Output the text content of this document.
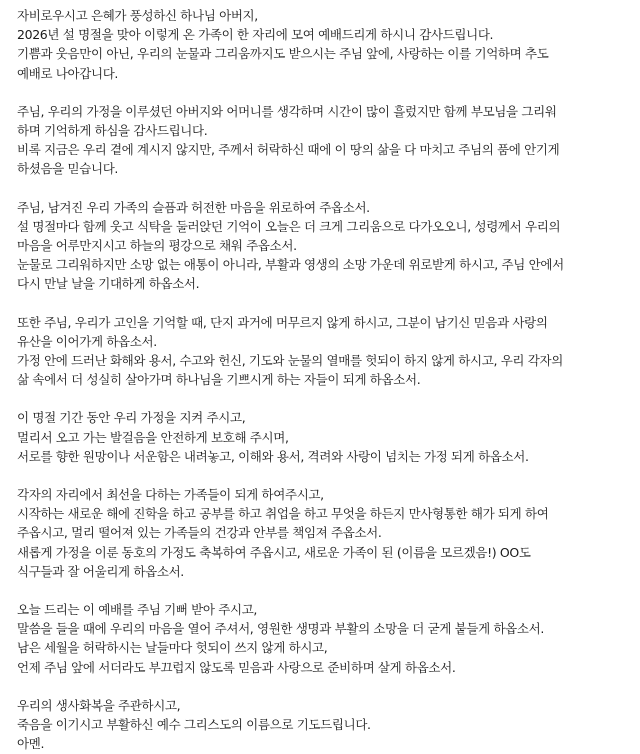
자비로우시고 은혜가 풍성하신 하나님 아버지,
2026년 설 명절을 맞아 이렇게 온 가족이 한 자리에 모여 예배드리게 하시니 감사드립니다.
기쁨과 웃음만이 아닌, 우리의 눈물과 그리움까지도 받으시는 주님 앞에, 사랑하는 이를 기억하며 추도
예배로 나아갑니다.
주님, 우리의 가정을 이루셨던 아버지와 어머니를 생각하며 시간이 많이 흘렀지만 함께 부모님을 그리워
하며 기억하게 하심을 감사드립니다.
비록 지금은 우리 곁에 계시지 않지만, 주께서 허락하신 때에 이 땅의 삶을 다 마치고 주님의 품에 안기게
하셨음을 믿습니다.
주님, 남겨진 우리 가족의 슬픔과 허전한 마음을 위로하여 주옵소서.
설 명절마다 함께 웃고 식탁을 둘러앉던 기억이 오늘은 더 크게 그리움으로 다가오오니, 성령께서 우리의
마음을 어루만지시고 하늘의 평강으로 채워 주옵소서.
눈물로 그리워하지만 소망 없는 애통이 아니라, 부활과 영생의 소망 가운데 위로받게 하시고, 주님 안에서
다시 만날 날을 기대하게 하옵소서.
또한 주님, 우리가 고인을 기억할 때, 단지 과거에 머무르지 않게 하시고, 그분이 남기신 믿음과 사랑의
유산을 이어가게 하옵소서.
가정 안에 드러난 화해와 용서, 수고와 헌신, 기도와 눈물의 열매를 헛되이 하지 않게 하시고, 우리 각자의
삶 속에서 더 성실히 살아가며 하나님을 기쁘시게 하는 자들이 되게 하옵소서.
이 명절 기간 동안 우리 가정을 지켜 주시고,
멀리서 오고 가는 발걸음을 안전하게 보호해 주시며,
서로를 향한 원망이나 서운함은 내려놓고, 이해와 용서, 격려와 사랑이 넘치는 가정 되게 하옵소서.
각자의 자리에서 최선을 다하는 가족들이 되게 하여주시고,
시작하는 새로운 해에 진학을 하고 공부를 하고 취업을 하고 무엇을 하든지 만사형통한 해가 되게 하여
주옵시고, 멀리 떨어져 있는 가족들의 건강과 안부를 책임져 주옵소서.
새롭게 가정을 이룬 동호의 가정도 축복하여 주옵시고, 새로운 가족이 된 (이름을 모르겠음!) OO도
식구들과 잘 어울리게 하옵소서.
오늘 드리는 이 예배를 주님 기뻐 받아 주시고,
말씀을 들을 때에 우리의 마음을 열어 주셔서, 영원한 생명과 부활의 소망을 더 굳게 붙들게 하옵소서.
남은 세월을 허락하시는 날들마다 헛되이 쓰지 않게 하시고,
언제 주님 앞에 서더라도 부끄럽지 않도록 믿음과 사랑으로 준비하며 살게 하옵소서.
우리의 생사화복을 주관하시고,
죽음을 이기시고 부활하신 예수 그리스도의 이름으로 기도드립니다.
아멘.
